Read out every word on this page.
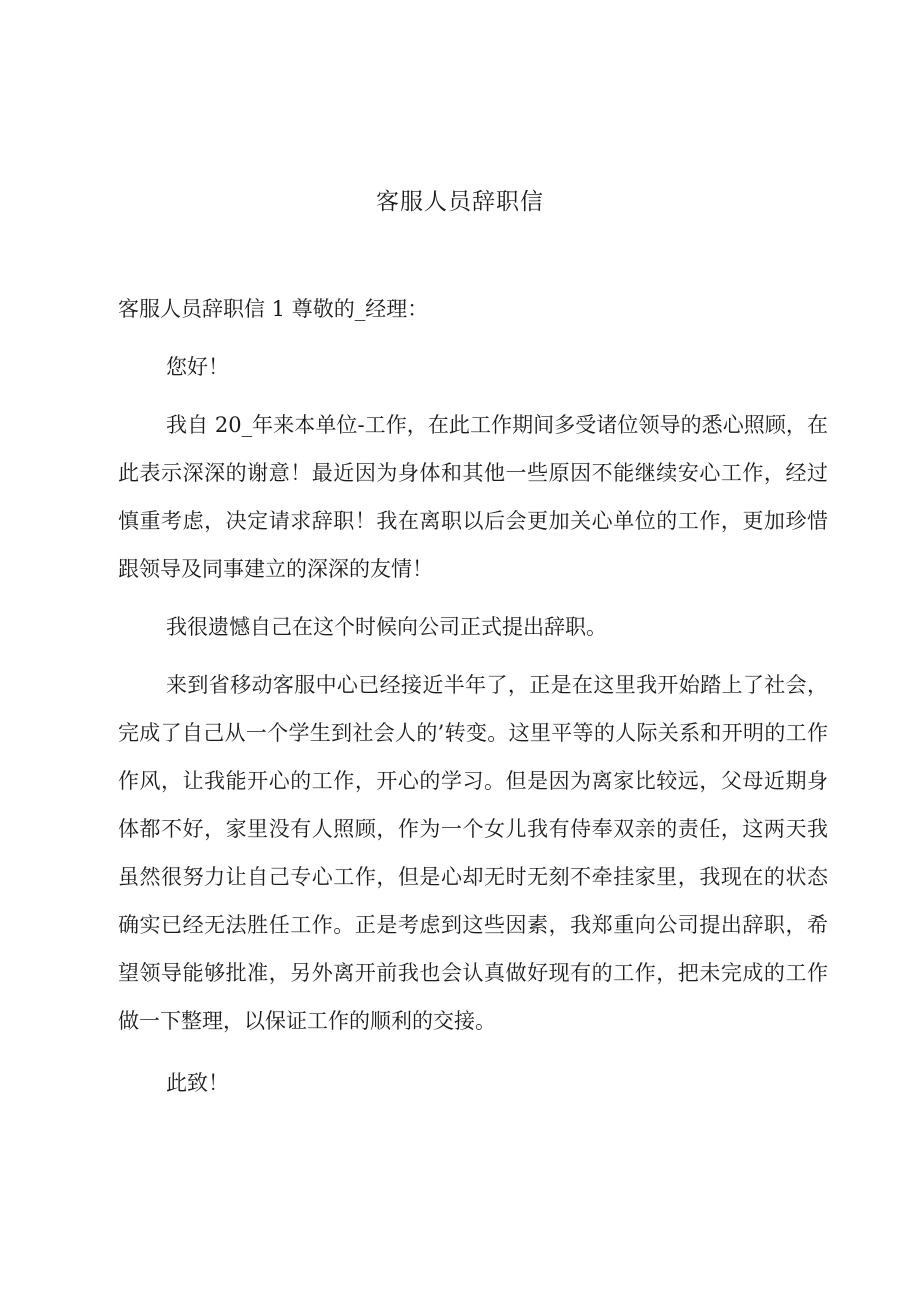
客服人员辞职信

客服人员辞职信 1 尊敬的_经理：

您好！

我自 20_年来本单位-工作，在此工作期间多受诸位领导的悉心照顾，在此表示深深的谢意！最近因为身体和其他一些原因不能继续安心工作，经过慎重考虑，决定请求辞职！我在离职以后会更加关心单位的工作，更加珍惜跟领导及同事建立的深深的友情！

我很遗憾自己在这个时候向公司正式提出辞职。

来到省移动客服中心已经接近半年了，正是在这里我开始踏上了社会，完成了自己从一个学生到社会人的’转变。这里平等的人际关系和开明的工作作风，让我能开心的工作，开心的学习。但是因为离家比较远，父母近期身体都不好，家里没有人照顾，作为一个女儿我有侍奉双亲的责任，这两天我虽然很努力让自己专心工作，但是心却无时无刻不牵挂家里，我现在的状态确实已经无法胜任工作。正是考虑到这些因素，我郑重向公司提出辞职，希望领导能够批准，另外离开前我也会认真做好现有的工作，把未完成的工作做一下整理，以保证工作的顺利的交接。

此致！
